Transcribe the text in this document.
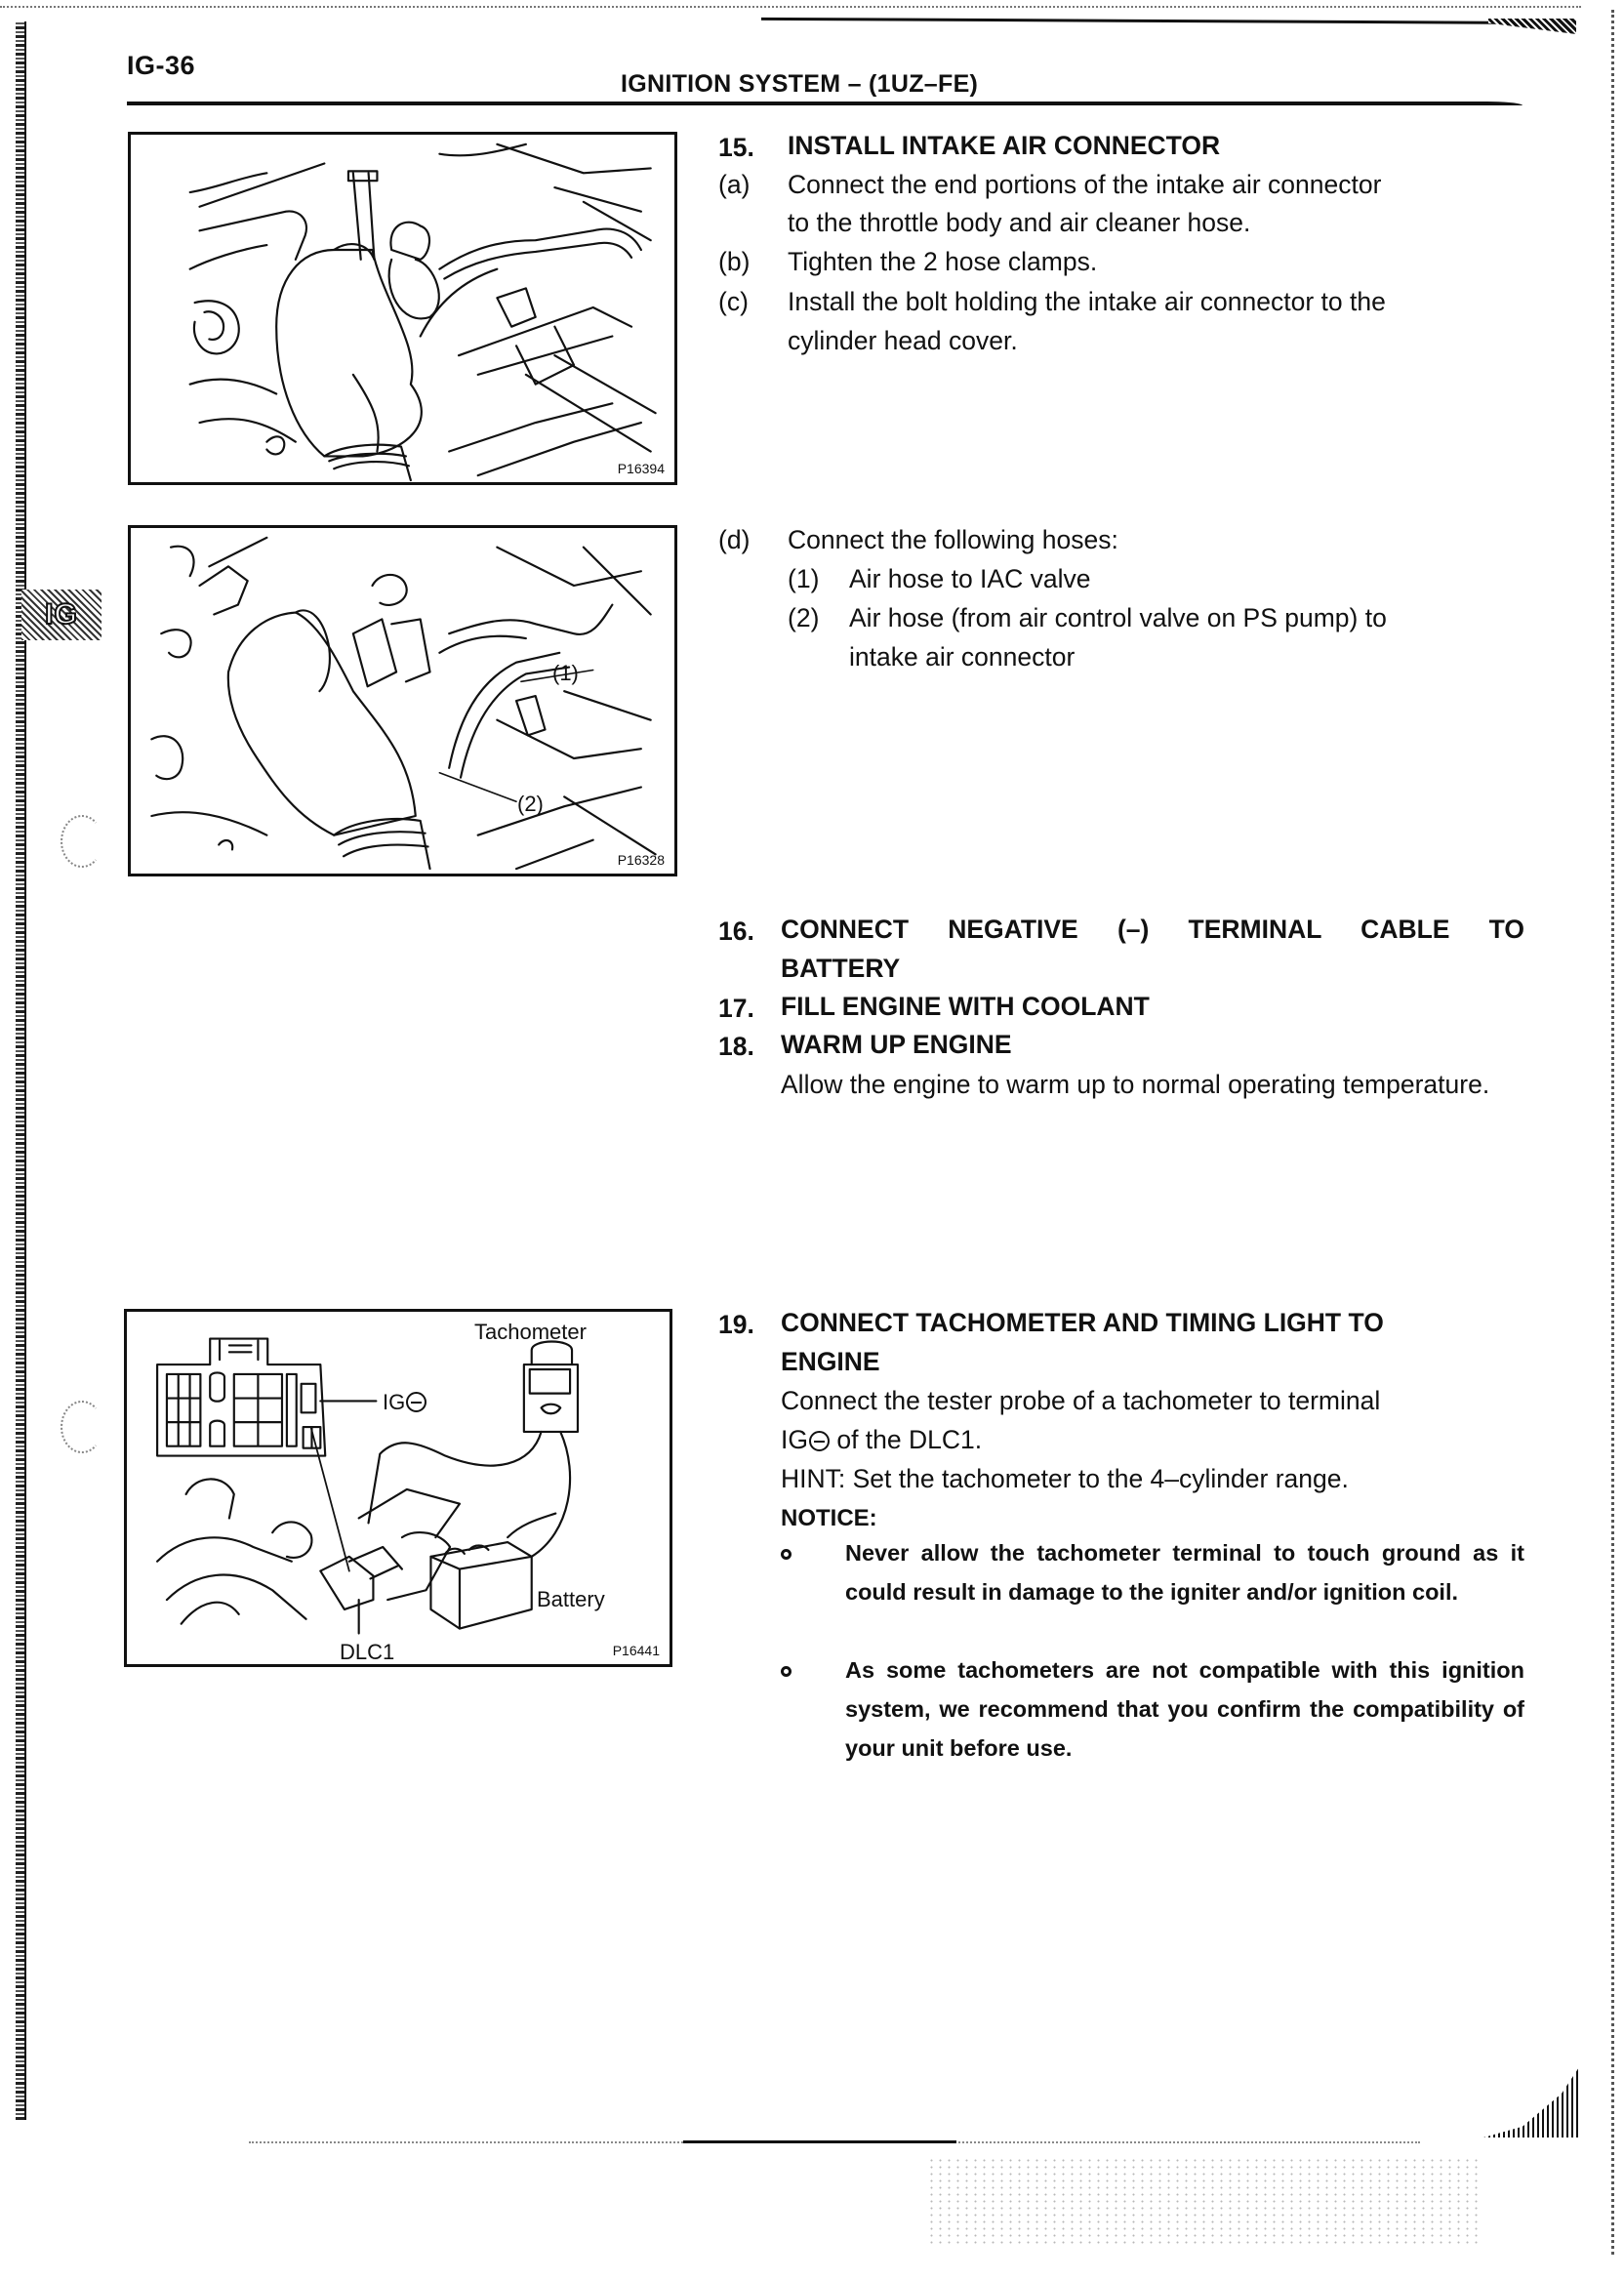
IG-36
IGNITION SYSTEM – (1UZ–FE)
IG
P16394
(1)
(2)
P16328
Tachometer
IG
Battery
DLC1	P16441
15. INSTALL INTAKE AIR CONNECTOR
(a) Connect the end portions of the intake air connector
to the throttle body and air cleaner hose.
(b) Tighten the 2 hose clamps.
(c) Install the bolt holding the intake air connector to the
cylinder head cover.
(d) Connect the following hoses:
(1) Air hose to IAC valve
(2) Air hose (from air control valve on PS pump) to
intake air connector
16. CONNECT NEGATIVE (–) TERMINAL CABLE TO
BATTERY
17. FILL ENGINE WITH COOLANT
18. WARM UP ENGINE
Allow the engine to warm up to normal operating temperature.
19. CONNECT TACHOMETER AND TIMING LIGHT TO
ENGINE
Connect the tester probe of a tachometer to terminal
IG of the DLC1.
HINT: Set the tachometer to the 4–cylinder range.
NOTICE:
Never allow the tachometer terminal to touch ground as it could result in damage to the igniter and/or ignition coil.
As some tachometers are not compatible with this ignition system, we recommend that you confirm the compatibility of your unit before use.
